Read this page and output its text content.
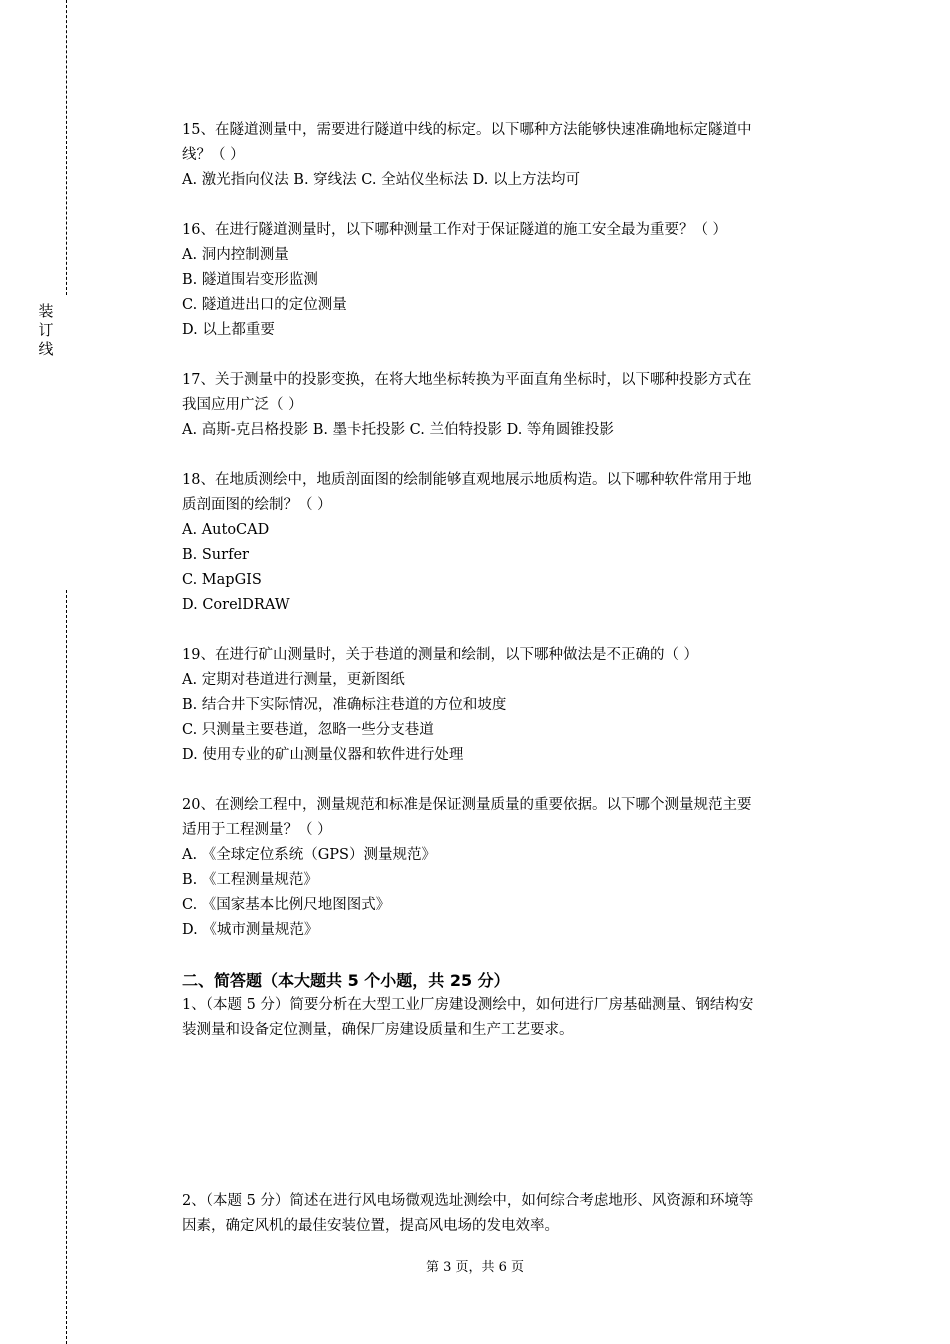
装订线
15、在隧道测量中，需要进行隧道中线的标定。以下哪种方法能够快速准确地标定隧道中
线？（ ）
A. 激光指向仪法 B. 穿线法 C. 全站仪坐标法 D. 以上方法均可
16、在进行隧道测量时，以下哪种测量工作对于保证隧道的施工安全最为重要？（ ）
A. 洞内控制测量
B. 隧道围岩变形监测
C. 隧道进出口的定位测量
D. 以上都重要
17、关于测量中的投影变换，在将大地坐标转换为平面直角坐标时，以下哪种投影方式在
我国应用广泛（ ）
A. 高斯-克吕格投影 B. 墨卡托投影 C. 兰伯特投影 D. 等角圆锥投影
18、在地质测绘中，地质剖面图的绘制能够直观地展示地质构造。以下哪种软件常用于地
质剖面图的绘制？（ ）
A. AutoCAD
B. Surfer
C. MapGIS
D. CorelDRAW
19、在进行矿山测量时，关于巷道的测量和绘制，以下哪种做法是不正确的（ ）
A. 定期对巷道进行测量，更新图纸
B. 结合井下实际情况，准确标注巷道的方位和坡度
C. 只测量主要巷道，忽略一些分支巷道
D. 使用专业的矿山测量仪器和软件进行处理
20、在测绘工程中，测量规范和标准是保证测量质量的重要依据。以下哪个测量规范主要
适用于工程测量？（ ）
A. 《全球定位系统（GPS）测量规范》
B. 《工程测量规范》
C. 《国家基本比例尺地图图式》
D. 《城市测量规范》
二、简答题（本大题共 5 个小题，共 25 分）
1、（本题 5 分）简要分析在大型工业厂房建设测绘中，如何进行厂房基础测量、钢结构安
装测量和设备定位测量，确保厂房建设质量和生产工艺要求。
2、（本题 5 分）简述在进行风电场微观选址测绘中，如何综合考虑地形、风资源和环境等
因素，确定风机的最佳安装位置，提高风电场的发电效率。
第 3 页，共 6 页
